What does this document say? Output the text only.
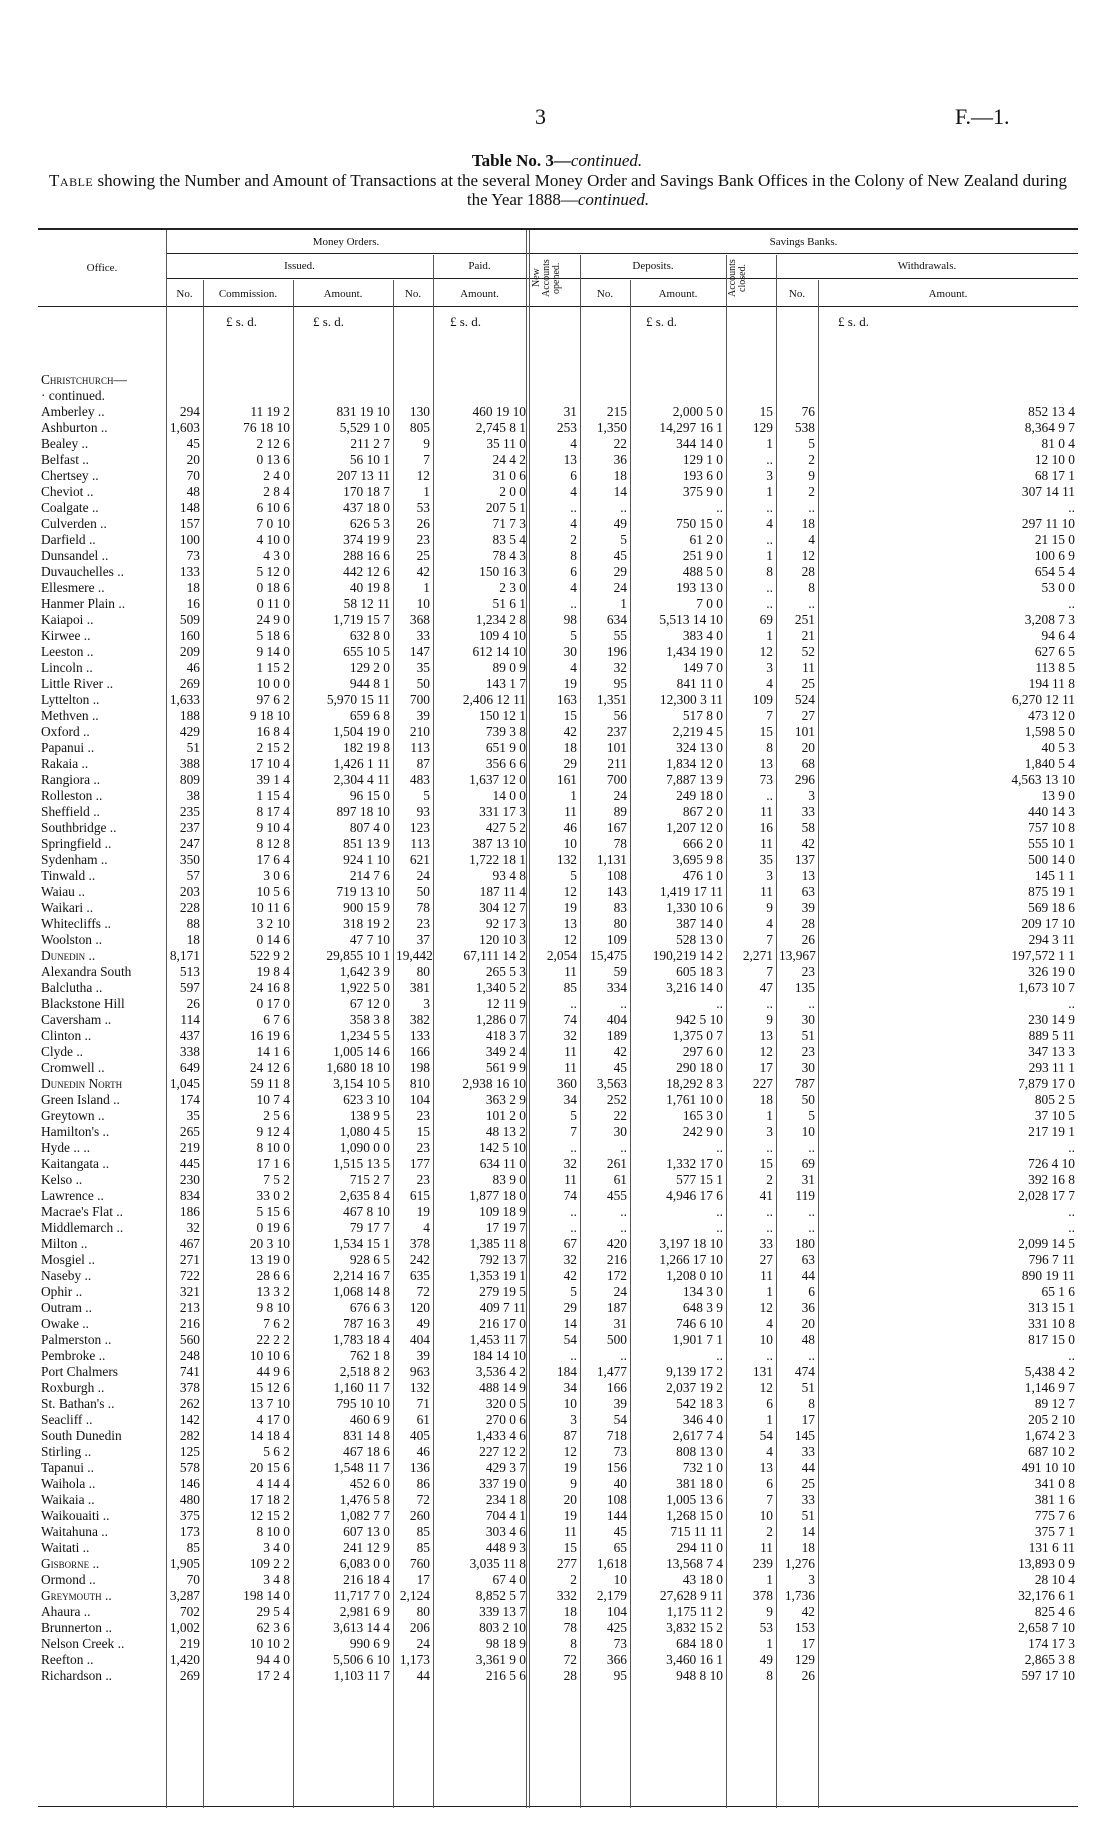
3	F.—1.
Table No. 3—continued.
Table showing the Number and Amount of Transactions at the several Money Order and Savings Bank Offices in the Colony of New Zealand during the Year 1888—continued.
Money Orders.	Savings Banks.
Office.	Issued.	Paid.
New Accounts opened.	Deposits.	Accounts closed.	Withdrawals.
No.	Commission.	Amount.	No.	Amount.	No.	Amount.	No.	Amount.
£ s. d.	£ s. d.	£ s. d.	£ s. d.	£ s. d.
Christchurch—											
· continued.											
Amberley ..	294	11 19 2	831 19 10	130	460 19 10	31	215	2,000 5 0	15	76	852 13 4
Ashburton ..	1,603	76 18 10	5,529 1 0	805	2,745 8 1	253	1,350	14,297 16 1	129	538	8,364 9 7
Bealey ..	45	2 12 6	211 2 7	9	35 11 0	4	22	344 14 0	1	5	81 0 4
Belfast ..	20	0 13 6	56 10 1	7	24 4 2	13	36	129 1 0	..	2	12 10 0
Chertsey ..	70	2 4 0	207 13 11	12	31 0 6	6	18	193 6 0	3	9	68 17 1
Cheviot ..	48	2 8 4	170 18 7	1	2 0 0	4	14	375 9 0	1	2	307 14 11
Coalgate ..	148	6 10 6	437 18 0	53	207 5 1	..	..	..	..	..	..
Culverden ..	157	7 0 10	626 5 3	26	71 7 3	4	49	750 15 0	4	18	297 11 10
Darfield ..	100	4 10 0	374 19 9	23	83 5 4	2	5	61 2 0	..	4	21 15 0
Dunsandel ..	73	4 3 0	288 16 6	25	78 4 3	8	45	251 9 0	1	12	100 6 9
Duvauchelles ..	133	5 12 0	442 12 6	42	150 16 3	6	29	488 5 0	8	28	654 5 4
Ellesmere ..	18	0 18 6	40 19 8	1	2 3 0	4	24	193 13 0	..	8	53 0 0
Hanmer Plain ..	16	0 11 0	58 12 11	10	51 6 1	..	1	7 0 0	..	..	..
Kaiapoi ..	509	24 9 0	1,719 15 7	368	1,234 2 8	98	634	5,513 14 10	69	251	3,208 7 3
Kirwee ..	160	5 18 6	632 8 0	33	109 4 10	5	55	383 4 0	1	21	94 6 4
Leeston ..	209	9 14 0	655 10 5	147	612 14 10	30	196	1,434 19 0	12	52	627 6 5
Lincoln ..	46	1 15 2	129 2 0	35	89 0 9	4	32	149 7 0	3	11	113 8 5
Little River ..	269	10 0 0	944 8 1	50	143 1 7	19	95	841 11 0	4	25	194 11 8
Lyttelton ..	1,633	97 6 2	5,970 15 11	700	2,406 12 11	163	1,351	12,300 3 11	109	524	6,270 12 11
Methven ..	188	9 18 10	659 6 8	39	150 12 1	15	56	517 8 0	7	27	473 12 0
Oxford ..	429	16 8 4	1,504 19 0	210	739 3 8	42	237	2,219 4 5	15	101	1,598 5 0
Papanui ..	51	2 15 2	182 19 8	113	651 9 0	18	101	324 13 0	8	20	40 5 3
Rakaia ..	388	17 10 4	1,426 1 11	87	356 6 6	29	211	1,834 12 0	13	68	1,840 5 4
Rangiora ..	809	39 1 4	2,304 4 11	483	1,637 12 0	161	700	7,887 13 9	73	296	4,563 13 10
Rolleston ..	38	1 15 4	96 15 0	5	14 0 0	1	24	249 18 0	..	3	13 9 0
Sheffield ..	235	8 17 4	897 18 10	93	331 17 3	11	89	867 2 0	11	33	440 14 3
Southbridge ..	237	9 10 4	807 4 0	123	427 5 2	46	167	1,207 12 0	16	58	757 10 8
Springfield ..	247	8 12 8	851 13 9	113	387 13 10	10	78	666 2 0	11	42	555 10 1
Sydenham ..	350	17 6 4	924 1 10	621	1,722 18 1	132	1,131	3,695 9 8	35	137	500 14 0
Tinwald ..	57	3 0 6	214 7 6	24	93 4 8	5	108	476 1 0	3	13	145 1 1
Waiau ..	203	10 5 6	719 13 10	50	187 11 4	12	143	1,419 17 11	11	63	875 19 1
Waikari ..	228	10 11 6	900 15 9	78	304 12 7	19	83	1,330 10 6	9	39	569 18 6
Whitecliffs ..	88	3 2 10	318 19 2	23	92 17 3	13	80	387 14 0	4	28	209 17 10
Woolston ..	18	0 14 6	47 7 10	37	120 10 3	12	109	528 13 0	7	26	294 3 11
Dunedin ..	8,171	522 9 2	29,855 10 1	19,442	67,111 14 2	2,054	15,475	190,219 14 2	2,271	13,967	197,572 1 1
Alexandra South	513	19 8 4	1,642 3 9	80	265 5 3	11	59	605 18 3	7	23	326 19 0
Balclutha ..	597	24 16 8	1,922 5 0	381	1,340 5 2	85	334	3,216 14 0	47	135	1,673 10 7
Blackstone Hill	26	0 17 0	67 12 0	3	12 11 9	..	..	..	..	..	..
Caversham ..	114	6 7 6	358 3 8	382	1,286 0 7	74	404	942 5 10	9	30	230 14 9
Clinton ..	437	16 19 6	1,234 5 5	133	418 3 7	32	189	1,375 0 7	13	51	889 5 11
Clyde ..	338	14 1 6	1,005 14 6	166	349 2 4	11	42	297 6 0	12	23	347 13 3
Cromwell ..	649	24 12 6	1,680 18 10	198	561 9 9	11	45	290 18 0	17	30	293 11 1
Dunedin North	1,045	59 11 8	3,154 10 5	810	2,938 16 10	360	3,563	18,292 8 3	227	787	7,879 17 0
Green Island ..	174	10 7 4	623 3 10	104	363 2 9	34	252	1,761 10 0	18	50	805 2 5
Greytown ..	35	2 5 6	138 9 5	23	101 2 0	5	22	165 3 0	1	5	37 10 5
Hamilton's ..	265	9 12 4	1,080 4 5	15	48 13 2	7	30	242 9 0	3	10	217 19 1
Hyde .. ..	219	8 10 0	1,090 0 0	23	142 5 10	..	..	..	..	..	..
Kaitangata ..	445	17 1 6	1,515 13 5	177	634 11 0	32	261	1,332 17 0	15	69	726 4 10
Kelso ..	230	7 5 2	715 2 7	23	83 9 0	11	61	577 15 1	2	31	392 16 8
Lawrence ..	834	33 0 2	2,635 8 4	615	1,877 18 0	74	455	4,946 17 6	41	119	2,028 17 7
Macrae's Flat ..	186	5 15 6	467 8 10	19	109 18 9	..	..	..	..	..	..
Middlemarch ..	32	0 19 6	79 17 7	4	17 19 7	..	..	..	..	..	..
Milton ..	467	20 3 10	1,534 15 1	378	1,385 11 8	67	420	3,197 18 10	33	180	2,099 14 5
Mosgiel ..	271	13 19 0	928 6 5	242	792 13 7	32	216	1,266 17 10	27	63	796 7 11
Naseby ..	722	28 6 6	2,214 16 7	635	1,353 19 1	42	172	1,208 0 10	11	44	890 19 11
Ophir ..	321	13 3 2	1,068 14 8	72	279 19 5	5	24	134 3 0	1	6	65 1 6
Outram ..	213	9 8 10	676 6 3	120	409 7 11	29	187	648 3 9	12	36	313 15 1
Owake ..	216	7 6 2	787 16 3	49	216 17 0	14	31	746 6 10	4	20	331 10 8
Palmerston ..	560	22 2 2	1,783 18 4	404	1,453 11 7	54	500	1,901 7 1	10	48	817 15 0
Pembroke ..	248	10 10 6	762 1 8	39	184 14 10	..	..	..	..	..	..
Port Chalmers	741	44 9 6	2,518 8 2	963	3,536 4 2	184	1,477	9,139 17 2	131	474	5,438 4 2
Roxburgh ..	378	15 12 6	1,160 11 7	132	488 14 9	34	166	2,037 19 2	12	51	1,146 9 7
St. Bathan's ..	262	13 7 10	795 10 10	71	320 0 5	10	39	542 18 3	6	8	89 12 7
Seacliff ..	142	4 17 0	460 6 9	61	270 0 6	3	54	346 4 0	1	17	205 2 10
South Dunedin	282	14 18 4	831 14 8	405	1,433 4 6	87	718	2,617 7 4	54	145	1,674 2 3
Stirling ..	125	5 6 2	467 18 6	46	227 12 2	12	73	808 13 0	4	33	687 10 2
Tapanui ..	578	20 15 6	1,548 11 7	136	429 3 7	19	156	732 1 0	13	44	491 10 10
Waihola ..	146	4 14 4	452 6 0	86	337 19 0	9	40	381 18 0	6	25	341 0 8
Waikaia ..	480	17 18 2	1,476 5 8	72	234 1 8	20	108	1,005 13 6	7	33	381 1 6
Waikouaiti ..	375	12 15 2	1,082 7 7	260	704 4 1	19	144	1,268 15 0	10	51	775 7 6
Waitahuna ..	173	8 10 0	607 13 0	85	303 4 6	11	45	715 11 11	2	14	375 7 1
Waitati ..	85	3 4 0	241 12 9	85	448 9 3	15	65	294 11 0	11	18	131 6 11
Gisborne ..	1,905	109 2 2	6,083 0 0	760	3,035 11 8	277	1,618	13,568 7 4	239	1,276	13,893 0 9
Ormond ..	70	3 4 8	216 18 4	17	67 4 0	2	10	43 18 0	1	3	28 10 4
Greymouth ..	3,287	198 14 0	11,717 7 0	2,124	8,852 5 7	332	2,179	27,628 9 11	378	1,736	32,176 6 1
Ahaura ..	702	29 5 4	2,981 6 9	80	339 13 7	18	104	1,175 11 2	9	42	825 4 6
Brunnerton ..	1,002	62 3 6	3,613 14 4	206	803 2 10	78	425	3,832 15 2	53	153	2,658 7 10
Nelson Creek ..	219	10 10 2	990 6 9	24	98 18 9	8	73	684 18 0	1	17	174 17 3
Reefton ..	1,420	94 4 0	5,506 6 10	1,173	3,361 9 0	72	366	3,460 16 1	49	129	2,865 3 8
Richardson ..	269	17 2 4	1,103 11 7	44	216 5 6	28	95	948 8 10	8	26	597 17 10
